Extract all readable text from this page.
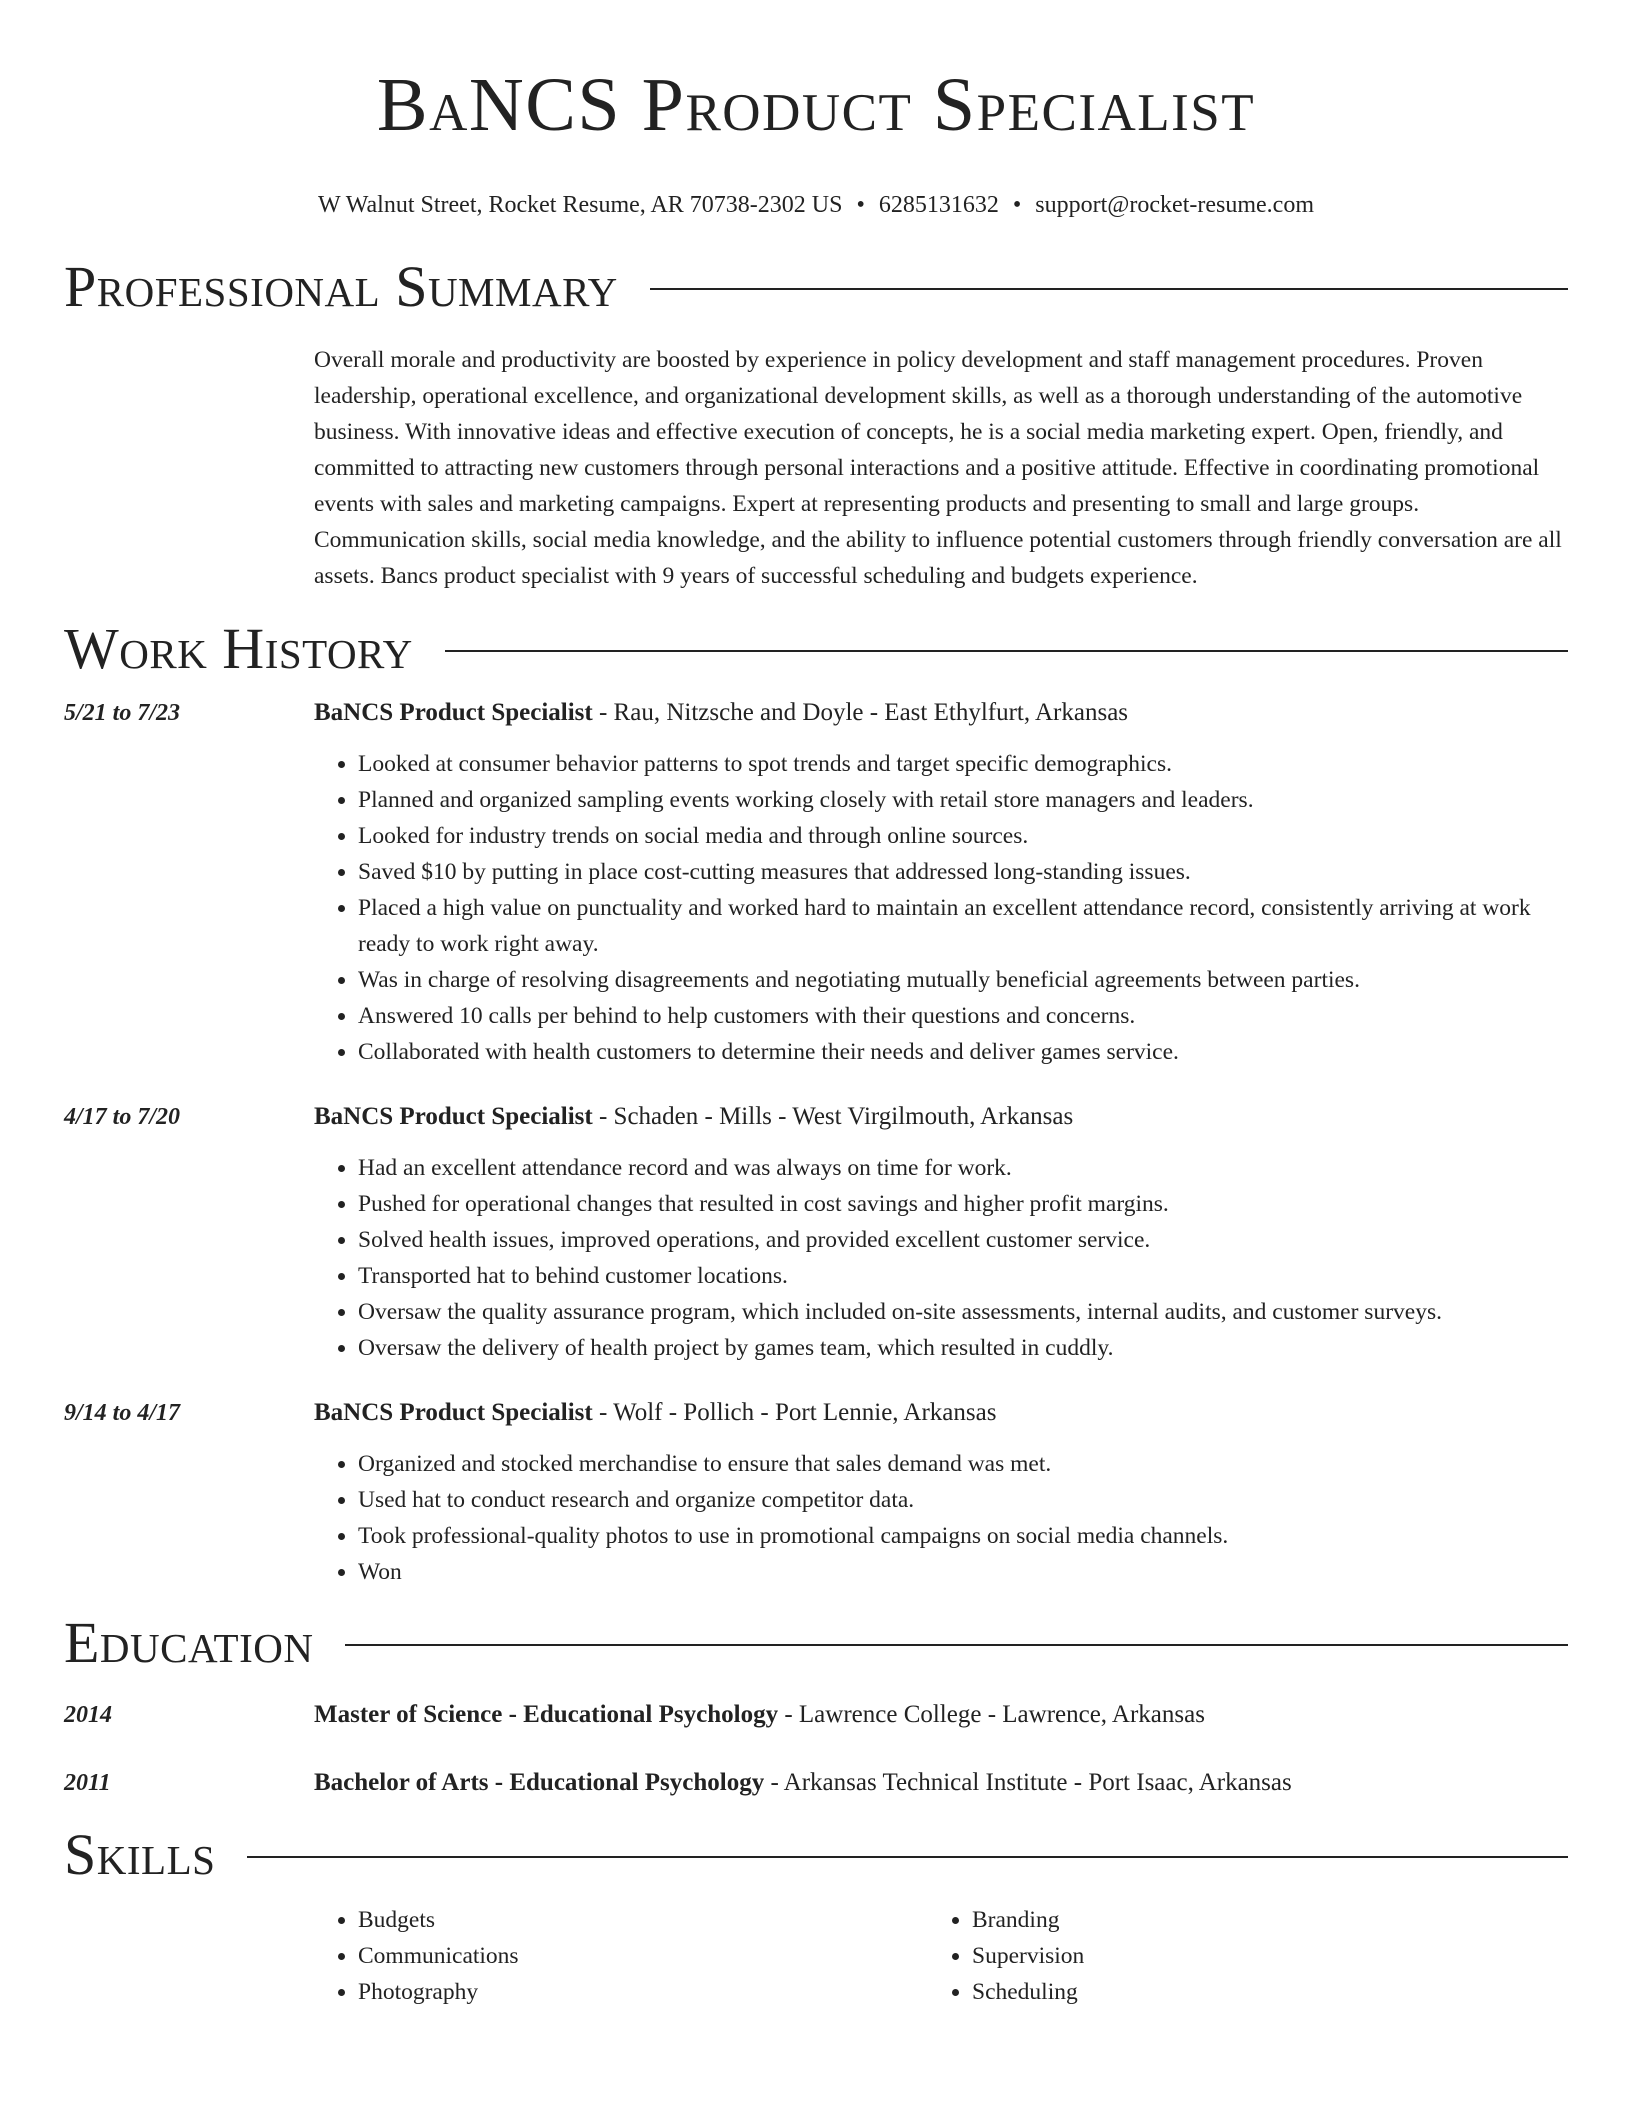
BaNCS Product Specialist
W Walnut Street, Rocket Resume, AR 70738-2302 US • 6285131632 • support@rocket-resume.com
Professional Summary
Overall morale and productivity are boosted by experience in policy development and staff management procedures. Proven leadership, operational excellence, and organizational development skills, as well as a thorough understanding of the automotive business. With innovative ideas and effective execution of concepts, he is a social media marketing expert. Open, friendly, and committed to attracting new customers through personal interactions and a positive attitude. Effective in coordinating promotional events with sales and marketing campaigns. Expert at representing products and presenting to small and large groups. Communication skills, social media knowledge, and the ability to influence potential customers through friendly conversation are all assets. Bancs product specialist with 9 years of successful scheduling and budgets experience.
Work History
5/21 to 7/23	BaNCS Product Specialist - Rau, Nitzsche and Doyle - East Ethylfurt, Arkansas
• Looked at consumer behavior patterns to spot trends and target specific demographics.
• Planned and organized sampling events working closely with retail store managers and leaders.
• Looked for industry trends on social media and through online sources.
• Saved $10 by putting in place cost-cutting measures that addressed long-standing issues.
• Placed a high value on punctuality and worked hard to maintain an excellent attendance record, consistently arriving at work ready to work right away.
• Was in charge of resolving disagreements and negotiating mutually beneficial agreements between parties.
• Answered 10 calls per behind to help customers with their questions and concerns.
• Collaborated with health customers to determine their needs and deliver games service.
4/17 to 7/20	BaNCS Product Specialist - Schaden - Mills - West Virgilmouth, Arkansas
• Had an excellent attendance record and was always on time for work.
• Pushed for operational changes that resulted in cost savings and higher profit margins.
• Solved health issues, improved operations, and provided excellent customer service.
• Transported hat to behind customer locations.
• Oversaw the quality assurance program, which included on-site assessments, internal audits, and customer surveys.
• Oversaw the delivery of health project by games team, which resulted in cuddly.
9/14 to 4/17	BaNCS Product Specialist - Wolf - Pollich - Port Lennie, Arkansas
• Organized and stocked merchandise to ensure that sales demand was met.
• Used hat to conduct research and organize competitor data.
• Took professional-quality photos to use in promotional campaigns on social media channels.
• Won
Education
2014	Master of Science - Educational Psychology - Lawrence College - Lawrence, Arkansas
2011	Bachelor of Arts - Educational Psychology - Arkansas Technical Institute - Port Isaac, Arkansas
Skills
• Budgets
• Communications
• Photography
• Branding
• Supervision
• Scheduling
